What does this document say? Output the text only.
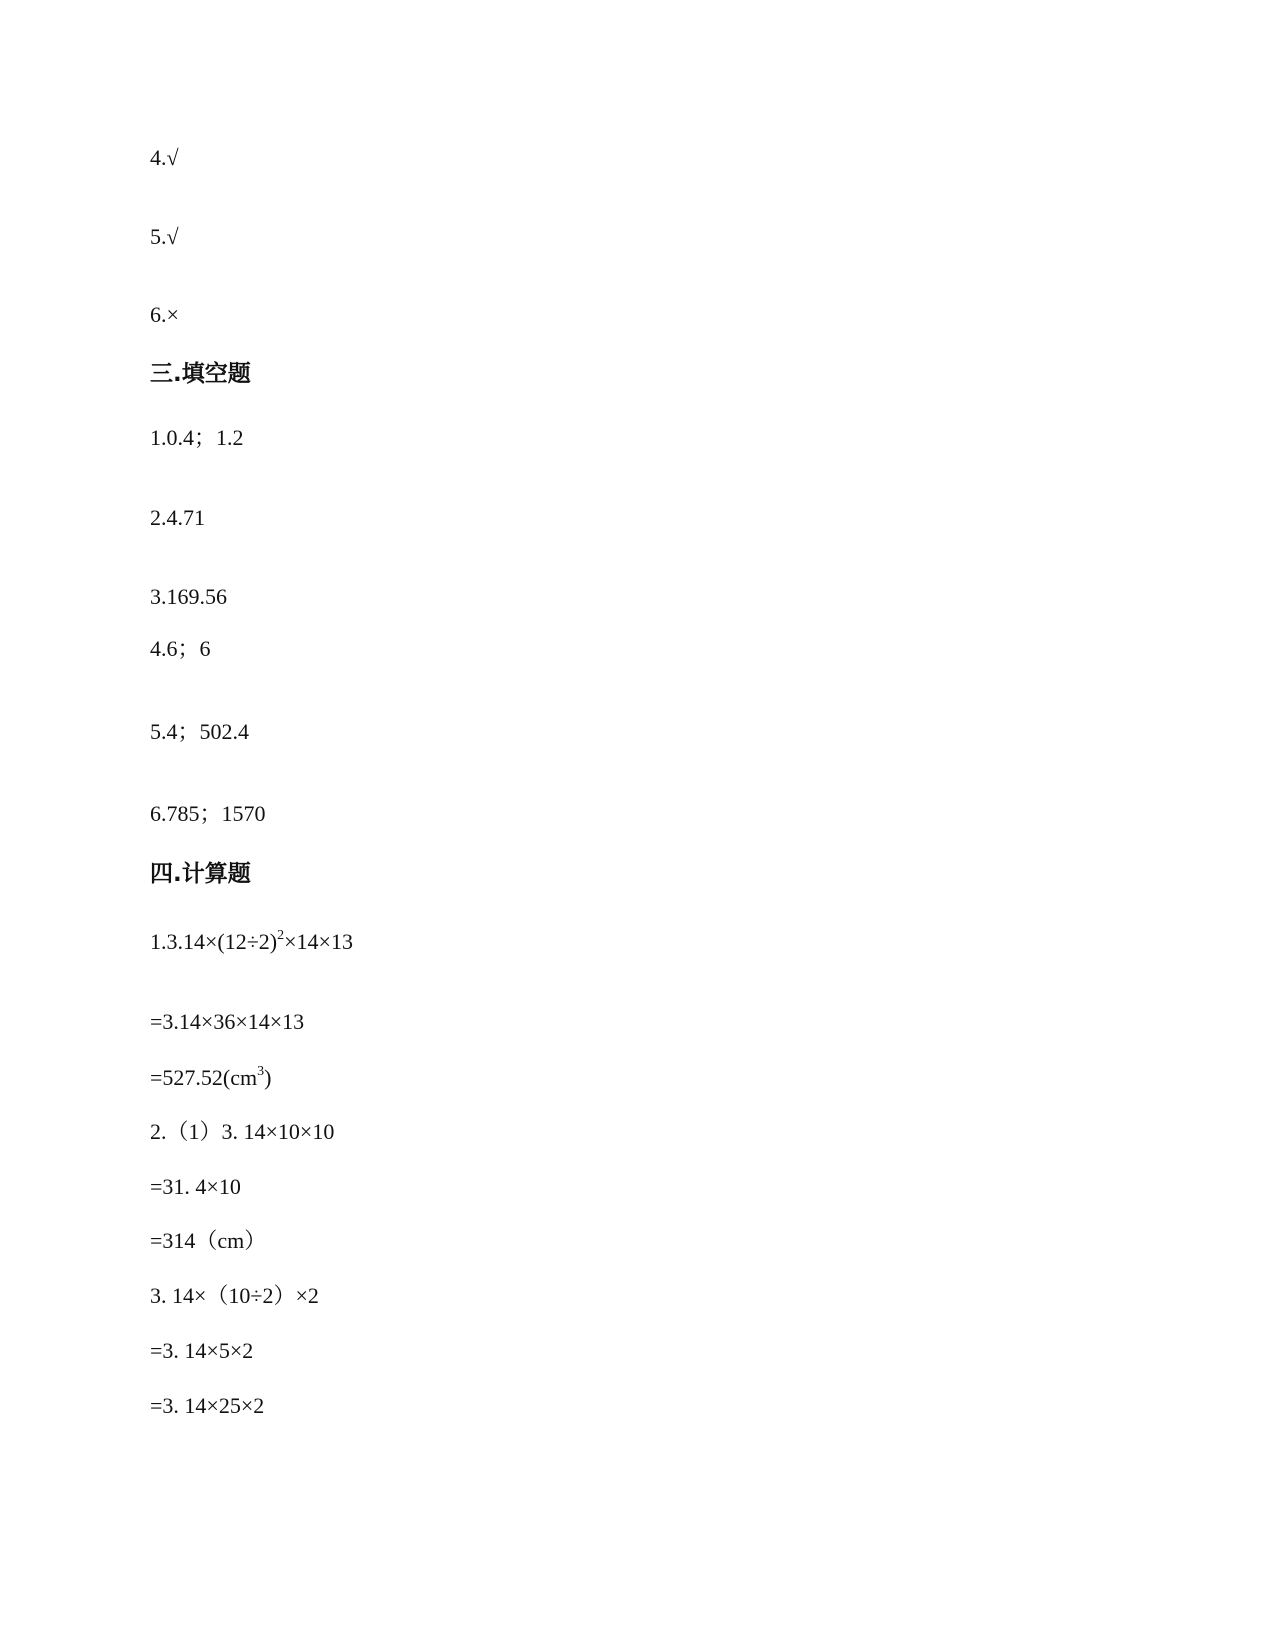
4.√
5.√
6.×
三.填空题
1.0.4；1.2
2.4.71
3.169.56
4.6；6
5.4；502.4
6.785；1570
四.计算题
$1.3.14\times(12\div 2)^2\times 14\times 13$
=3.14×36×14×13
$=527.52(cm^3)$
2.（1）3. 14×10×10
=31. 4×10
=314（cm）
3. 14×（10÷2）×2
=3. 14×5×2
=3. 14×25×2
